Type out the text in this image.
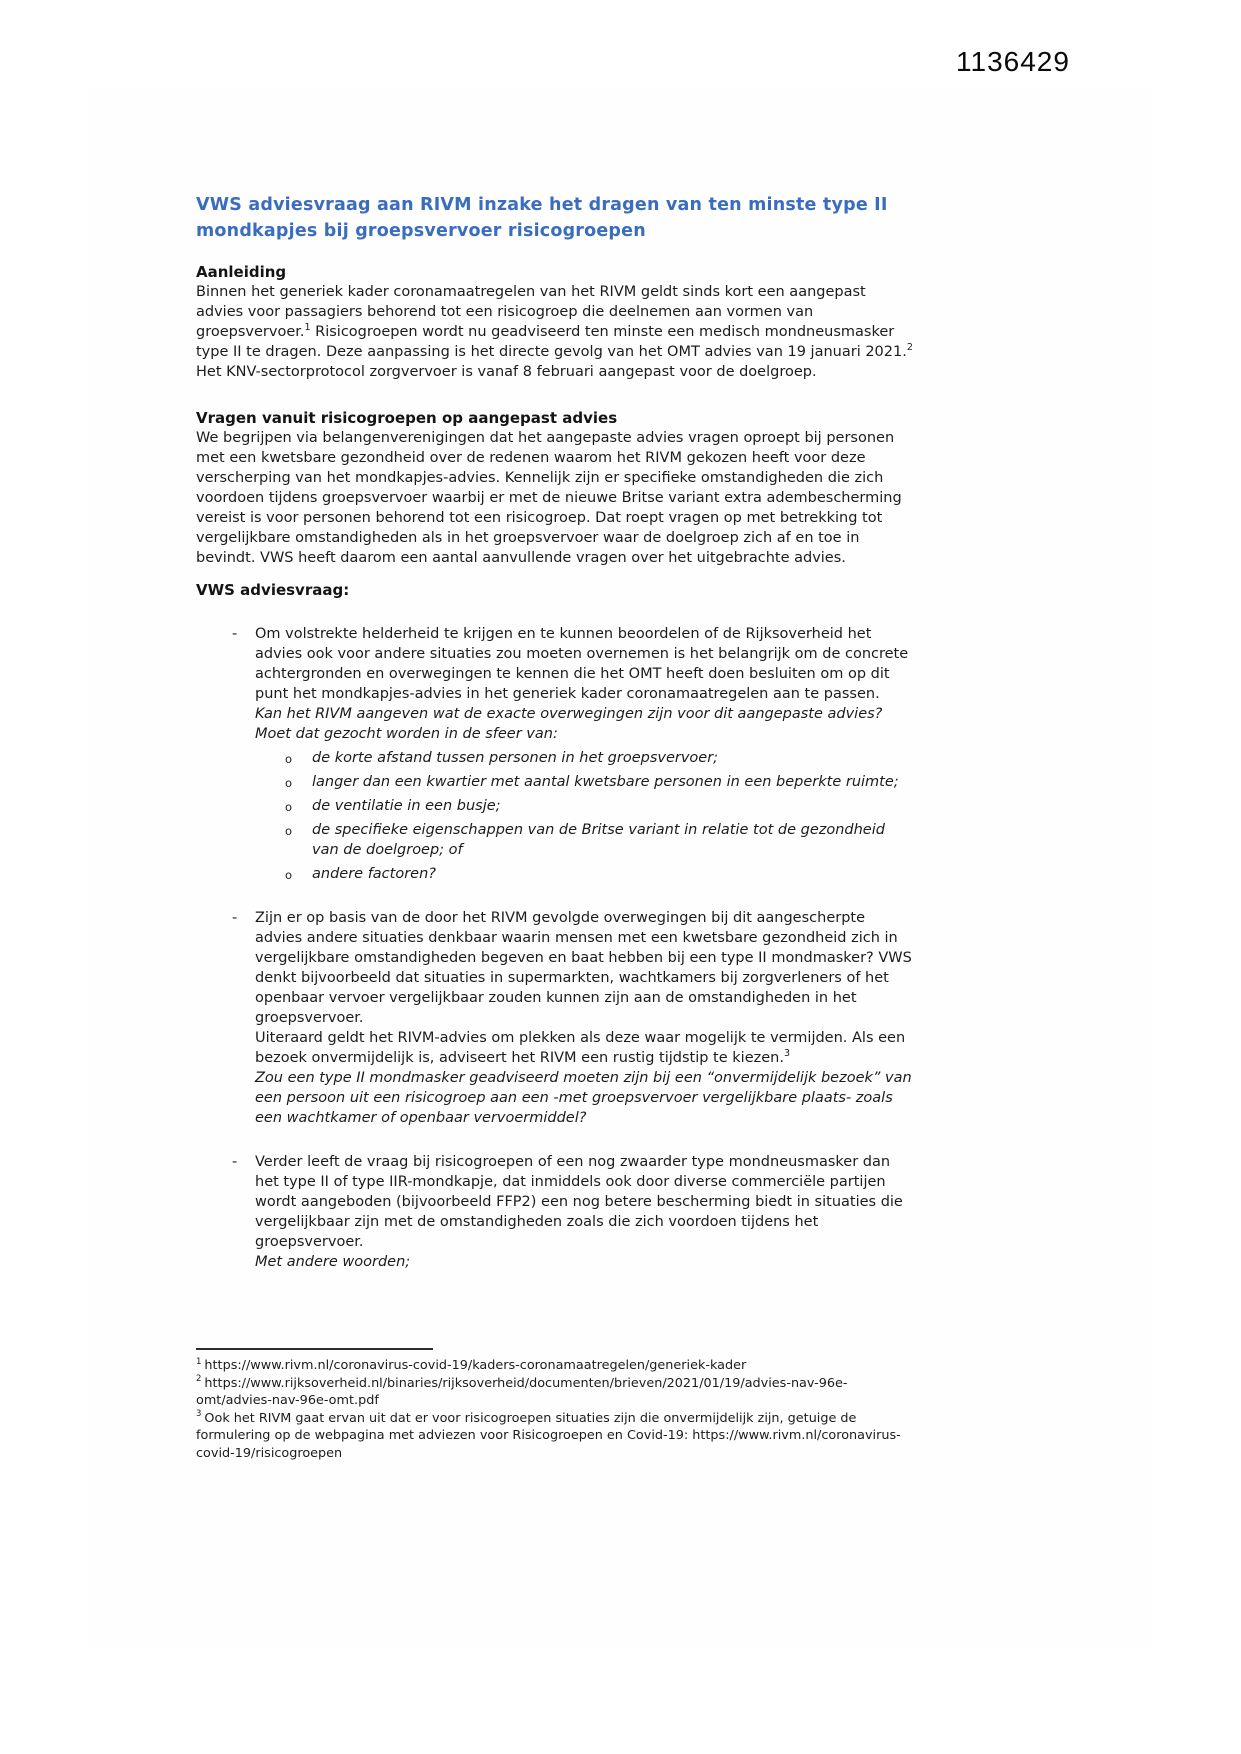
1136429
VWS adviesvraag aan RIVM inzake het dragen van ten minste type II mondkapjes bij groepsvervoer risicogroepen
Aanleiding

Binnen het generiek kader coronamaatregelen van het RIVM geldt sinds kort een aangepast advies voor passagiers behorend tot een risicogroep die deelnemen aan vormen van groepsvervoer.$^1$ Risicogroepen wordt nu geadviseerd ten minste een medisch mondneusmasker type II te dragen. Deze aanpassing is het directe gevolg van het OMT advies van 19 januari 2021.$^2$ Het KNV-sectorprotocol zorgvervoer is vanaf 8 februari aangepast voor de doelgroep.

Vragen vanuit risicogroepen op aangepast advies

We begrijpen via belangenverenigingen dat het aangepaste advies vragen oproept bij personen met een kwetsbare gezondheid over de redenen waarom het RIVM gekozen heeft voor deze verscherping van het mondkapjes-advies. Kennelijk zijn er specifieke omstandigheden die zich voordoen tijdens groepsvervoer waarbij er met de nieuwe Britse variant extra adembescherming vereist is voor personen behorend tot een risicogroep. Dat roept vragen op met betrekking tot vergelijkbare omstandigheden als in het groepsvervoer waar de doelgroep zich af en toe in bevindt. VWS heeft daarom een aantal aanvullende vragen over het uitgebrachte advies.

VWS adviesvraag:
- Om volstrekte helderheid te krijgen en te kunnen beoordelen of de Rijksoverheid het advies ook voor andere situaties zou moeten overnemen is het belangrijk om de concrete achtergronden en overwegingen te kennen die het OMT heeft doen besluiten om op dit punt het mondkapjes-advies in het generiek kader coronamaatregelen aan te passen.
Kan het RIVM aangeven wat de exacte overwegingen zijn voor dit aangepaste advies? Moet dat gezocht worden in de sfeer van:
o de korte afstand tussen personen in het groepsvervoer;
o langer dan een kwartier met aantal kwetsbare personen in een beperkte ruimte;
o de ventilatie in een busje;
o de specifieke eigenschappen van de Britse variant in relatie tot de gezondheid van de doelgroep; of
o andere factoren?
- Zijn er op basis van de door het RIVM gevolgde overwegingen bij dit aangescherpte advies andere situaties denkbaar waarin mensen met een kwetsbare gezondheid zich in vergelijkbare omstandigheden begeven en baat hebben bij een type II mondmasker? VWS denkt bijvoorbeeld dat situaties in supermarkten, wachtkamers bij zorgverleners of het openbaar vervoer vergelijkbaar zouden kunnen zijn aan de omstandigheden in het groepsvervoer.
Uiteraard geldt het RIVM-advies om plekken als deze waar mogelijk te vermijden. Als een bezoek onvermijdelijk is, adviseert het RIVM een rustig tijdstip te kiezen.$^3$
Zou een type II mondmasker geadviseerd moeten zijn bij een “onvermijdelijk bezoek” van een persoon uit een risicogroep aan een -met groepsvervoer vergelijkbare plaats- zoals een wachtkamer of openbaar vervoermiddel?
- Verder leeft de vraag bij risicogroepen of een nog zwaarder type mondneusmasker dan het type II of type IIR-mondkapje, dat inmiddels ook door diverse commerciële partijen wordt aangeboden (bijvoorbeeld FFP2) een nog betere bescherming biedt in situaties die vergelijkbaar zijn met de omstandigheden zoals die zich voordoen tijdens het groepsvervoer.
Met andere woorden;
$^1$ https://www.rivm.nl/coronavirus-covid-19/kaders-coronamaatregelen/generiek-kader
$^2$ https://www.rijksoverheid.nl/binaries/rijksoverheid/documenten/brieven/2021/01/19/advies-nav-96e-omt/advies-nav-96e-omt.pdf
$^3$ Ook het RIVM gaat ervan uit dat er voor risicogroepen situaties zijn die onvermijdelijk zijn, getuige de formulering op de webpagina met adviezen voor Risicogroepen en Covid-19: https://www.rivm.nl/coronavirus-covid-19/risicogroepen
